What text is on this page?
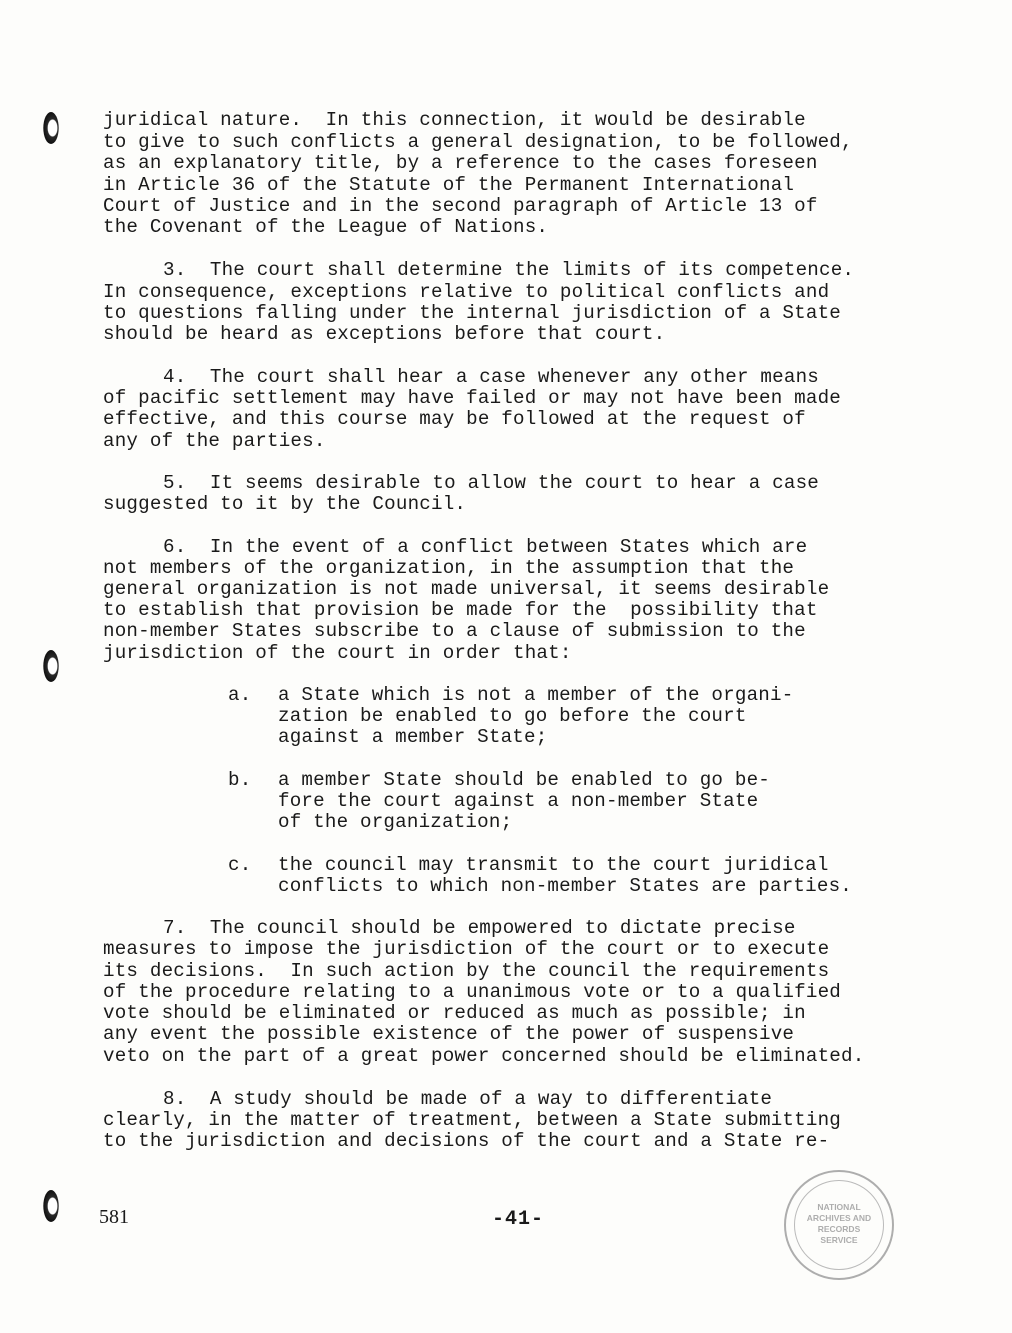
juridical nature.  In this connection, it would be desirable
to give to such conflicts a general designation, to be followed,
as an explanatory title, by a reference to the cases foreseen
in Article 36 of the Statute of the Permanent International
Court of Justice and in the second paragraph of Article 13 of
the Covenant of the League of Nations.
3.  The court shall determine the limits of its competence.
In consequence, exceptions relative to political conflicts and
to questions falling under the internal jurisdiction of a State
should be heard as exceptions before that court.
4.  The court shall hear a case whenever any other means
of pacific settlement may have failed or may not have been made
effective, and this course may be followed at the request of
any of the parties.
5.  It seems desirable to allow the court to hear a case
suggested to it by the Council.
6.  In the event of a conflict between States which are
not members of the organization, in the assumption that the
general organization is not made universal, it seems desirable
to establish that provision be made for the  possibility that
non-member States subscribe to a clause of submission to the
jurisdiction of the court in order that:
a. a State which is not a member of the organi-
zation be enabled to go before the court
against a member State;
b. a member State should be enabled to go be-
fore the court against a non-member State
of the organization;
c. the council may transmit to the court juridical
conflicts to which non-member States are parties.
7.  The council should be empowered to dictate precise
measures to impose the jurisdiction of the court or to execute
its decisions.  In such action by the council the requirements
of the procedure relating to a unanimous vote or to a qualified
vote should be eliminated or reduced as much as possible; in
any event the possible existence of the power of suspensive
veto on the part of a great power concerned should be eliminated.
8.  A study should be made of a way to differentiate
clearly, in the matter of treatment, between a State submitting
to the jurisdiction and decisions of the court and a State re-
581	-41-
NATIONAL
ARCHIVES AND
RECORDS
SERVICE
